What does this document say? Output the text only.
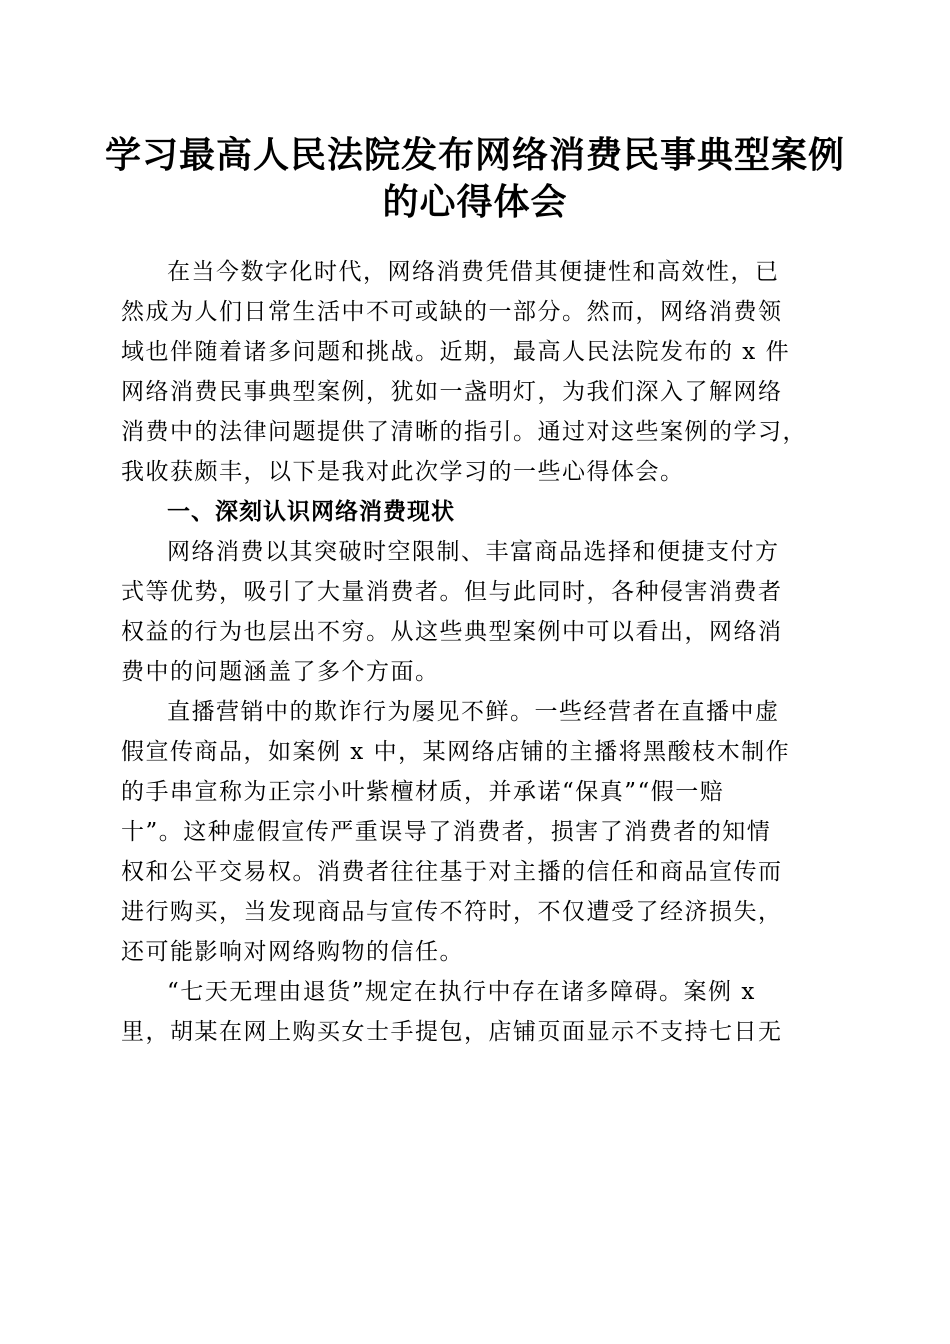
学习最高人民法院发布网络消费民事典型案例
的心得体会

在当今数字化时代，网络消费凭借其便捷性和高效性，已
然成为人们日常生活中不可或缺的一部分。然而，网络消费领
域也伴随着诸多问题和挑战。近期，最高人民法院发布的 x 件
网络消费民事典型案例，犹如一盏明灯，为我们深入了解网络
消费中的法律问题提供了清晰的指引。通过对这些案例的学习，
我收获颇丰，以下是我对此次学习的一些心得体会。

一、深刻认识网络消费现状

网络消费以其突破时空限制、丰富商品选择和便捷支付方
式等优势，吸引了大量消费者。但与此同时，各种侵害消费者
权益的行为也层出不穷。从这些典型案例中可以看出，网络消
费中的问题涵盖了多个方面。

直播营销中的欺诈行为屡见不鲜。一些经营者在直播中虚
假宣传商品，如案例 x 中，某网络店铺的主播将黑酸枝木制作
的手串宣称为正宗小叶紫檀材质，并承诺“保真”“假一赔
十”。这种虚假宣传严重误导了消费者，损害了消费者的知情
权和公平交易权。消费者往往基于对主播的信任和商品宣传而
进行购买，当发现商品与宣传不符时，不仅遭受了经济损失，
还可能影响对网络购物的信任。

“七天无理由退货”规定在执行中存在诸多障碍。案例 x
里，胡某在网上购买女士手提包，店铺页面显示不支持七日无
